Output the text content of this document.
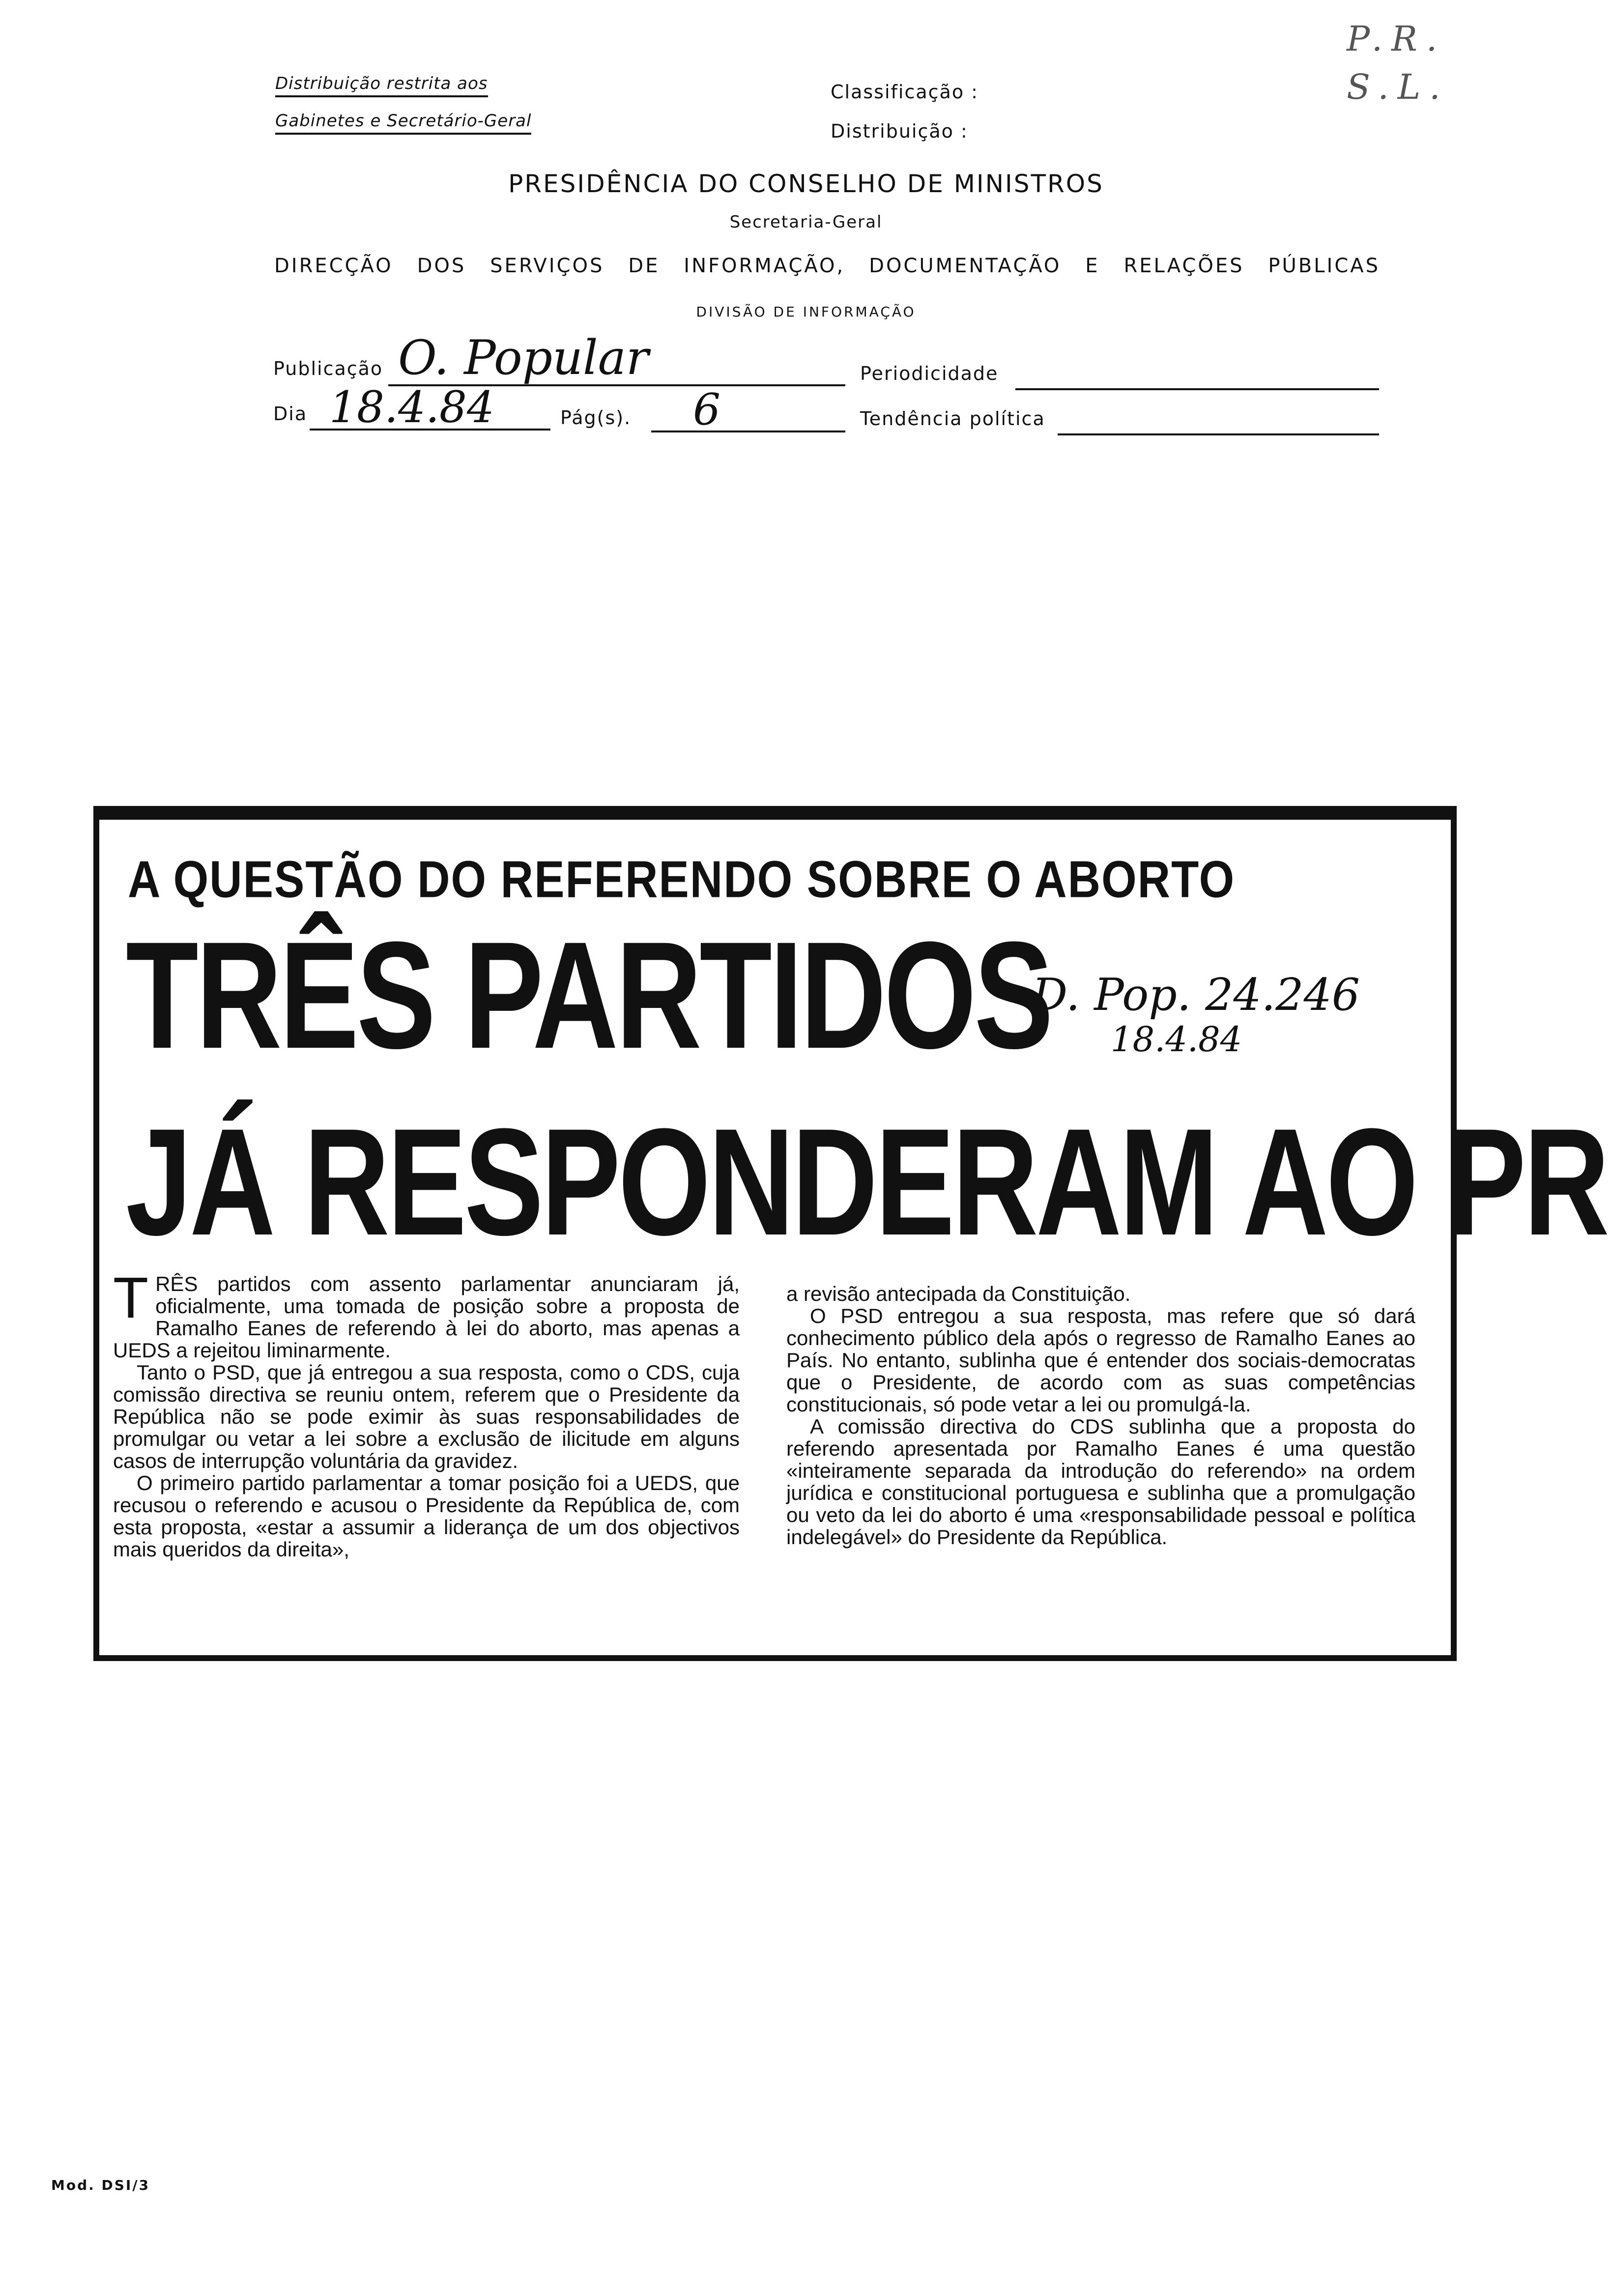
Distribuição restrita aos
Gabinetes e Secretário-Geral
Classificação :
Distribuição :
P.R. S.L.
PRESIDÊNCIA DO CONSELHO DE MINISTROS
Secretaria-Geral
DIRECÇÃO DOS SERVIÇOS DE INFORMAÇÃO, DOCUMENTAÇÃO E RELAÇÕES PÚBLICAS
DIVISÃO DE INFORMAÇÃO
Publicação O. Popular	Periodicidade
Dia 18.4.84	Pág(s). 6	Tendência política
A QUESTÃO DO REFERENDO SOBRE O ABORTO
TRÊS PARTIDOS
JÁ RESPONDERAM AO PR
D. Pop. 24.246
18.4.84

TRÊS partidos com assento parlamentar anunciaram já, oficialmente, uma tomada de posição sobre a proposta de Ramalho Eanes de referendo à lei do aborto, mas apenas a UEDS a rejeitou liminarmente.

Tanto o PSD, que já entregou a sua resposta, como o CDS, cuja comissão directiva se reuniu ontem, referem que o Presidente da República não se pode eximir às suas responsabilidades de promulgar ou vetar a lei sobre a exclusão de ilicitude em alguns casos de interrupção voluntária da gravidez.

O primeiro partido parlamentar a tomar posição foi a UEDS, que recusou o referendo e acusou o Presidente da República de, com esta proposta, «estar a assumir a liderança de um dos objectivos mais queridos da direita»,

a revisão antecipada da Constituição.

O PSD entregou a sua resposta, mas refere que só dará conhecimento público dela após o regresso de Ramalho Eanes ao País. No entanto, sublinha que é entender dos sociais-democratas que o Presidente, de acordo com as suas competências constitucionais, só pode vetar a lei ou promulgá-la.

A comissão directiva do CDS sublinha que a proposta do referendo apresentada por Ramalho Eanes é uma questão «inteiramente separada da introdução do referendo» na ordem jurídica e constitucional portuguesa e sublinha que a promulgação ou veto da lei do aborto é uma «responsabilidade pessoal e política indelegável» do Presidente da República.

Mod. DSI/3
